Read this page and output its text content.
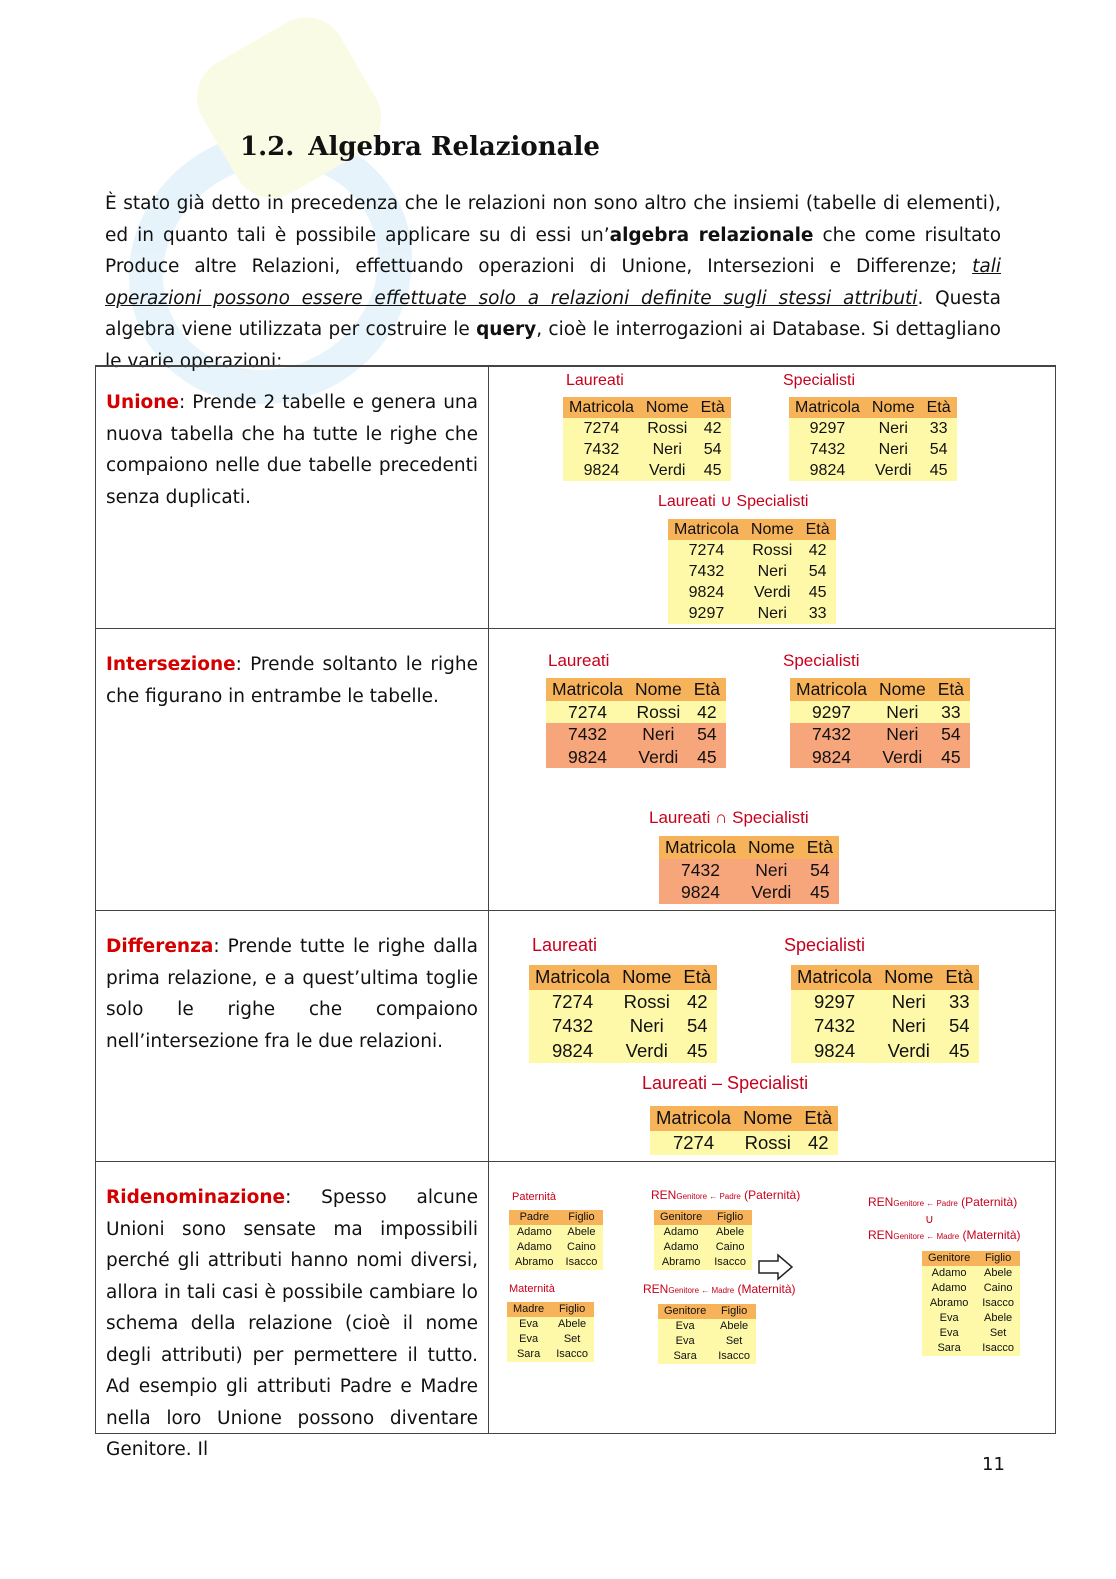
1.2. Algebra Relazionale

È stato già detto in precedenza che le relazioni non sono altro che insiemi (tabelle di elementi), ed in quanto tali è possibile applicare su di essi un’algebra relazionale che come risultato Produce altre Relazioni, effettuando operazioni di Unione, Intersezioni e Differenze; tali operazioni possono essere effettuate solo a relazioni definite sugli stessi attributi. Questa algebra viene utilizzata per costruire le query, cioè le interrogazioni ai Database. Si dettagliano le varie operazioni:

Unione: Prende 2 tabelle e genera una nuova tabella che ha tutte le righe che compaiono nelle due tabelle precedenti senza duplicati.

Laureati
Matricola	Nome	Età
7274	Rossi	42
7432	Neri	54
9824	Verdi	45
Specialisti
Matricola	Nome	Età
9297	Neri	33
7432	Neri	54
9824	Verdi	45
Laureati ∪ Specialisti
Matricola	Nome	Età
7274	Rossi	42
7432	Neri	54
9824	Verdi	45
9297	Neri	33

Intersezione: Prende soltanto le righe che figurano in entrambe le tabelle.

Laureati
Matricola	Nome	Età
7274	Rossi	42
7432	Neri	54
9824	Verdi	45
Specialisti
Matricola	Nome	Età
9297	Neri	33
7432	Neri	54
9824	Verdi	45
Laureati ∩ Specialisti
Matricola	Nome	Età
7432	Neri	54
9824	Verdi	45

Differenza: Prende tutte le righe dalla prima relazione, e a quest’ultima toglie solo le righe che compaiono nell’intersezione fra le due relazioni.

Laureati
Matricola	Nome	Età
7274	Rossi	42
7432	Neri	54
9824	Verdi	45
Specialisti
Matricola	Nome	Età
9297	Neri	33
7432	Neri	54
9824	Verdi	45
Laureati – Specialisti
Matricola	Nome	Età
7274	Rossi	42

Ridenominazione: Spesso alcune Unioni sono sensate ma impossibili perché gli attributi hanno nomi diversi, allora in tali casi è possibile cambiare lo schema della relazione (cioè il nome degli attributi) per permettere il tutto. Ad esempio gli attributi Padre e Madre nella loro Unione possono diventare Genitore. Il

Paternità
Padre	Figlio
Adamo	Abele
Adamo	Caino
Abramo	Isacco
Maternità
Madre	Figlio
Eva	Abele
Eva	Set
Sara	Isacco
RENGenitore ← Padre (Paternità)
Genitore	Figlio
Adamo	Abele
Adamo	Caino
Abramo	Isacco
RENGenitore ← Madre (Maternità)
Genitore	Figlio
Eva	Abele
Eva	Set
Sara	Isacco
RENGenitore ← Padre (Paternità)
∪
RENGenitore ← Madre (Maternità)
Genitore	Figlio
Adamo	Abele
Adamo	Caino
Abramo	Isacco
Eva	Abele
Eva	Set
Sara	Isacco
11
